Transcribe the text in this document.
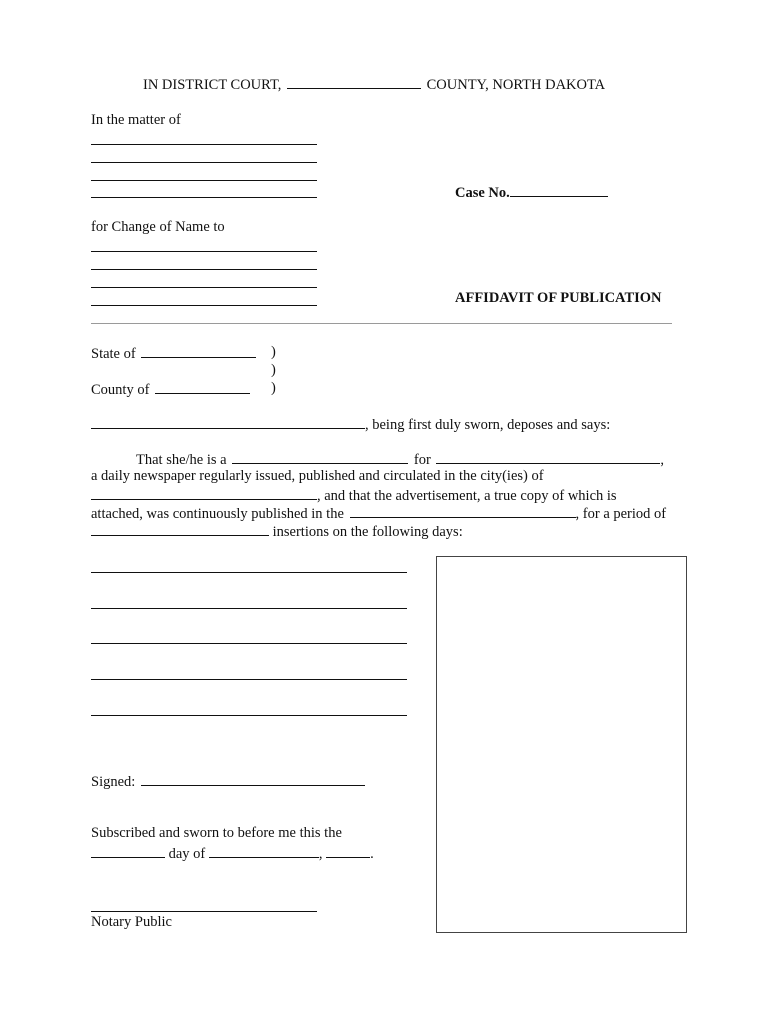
IN DISTRICT COURT,	COUNTY, NORTH DAKOTA
In the matter of
Case No.
for Change of Name to
AFFIDAVIT OF PUBLICATION
State of
County of
)
)
)
, being first duly sworn, deposes and says:
That she/he is a	for	,
a daily newspaper regularly issued, published and circulated in the city(ies) of
, and that the advertisement, a true copy of which is
attached, was continuously published in the	, for a period of
insertions on the following days:
Signed:
Subscribed and sworn to before me this the
day of	,	.
Notary Public
